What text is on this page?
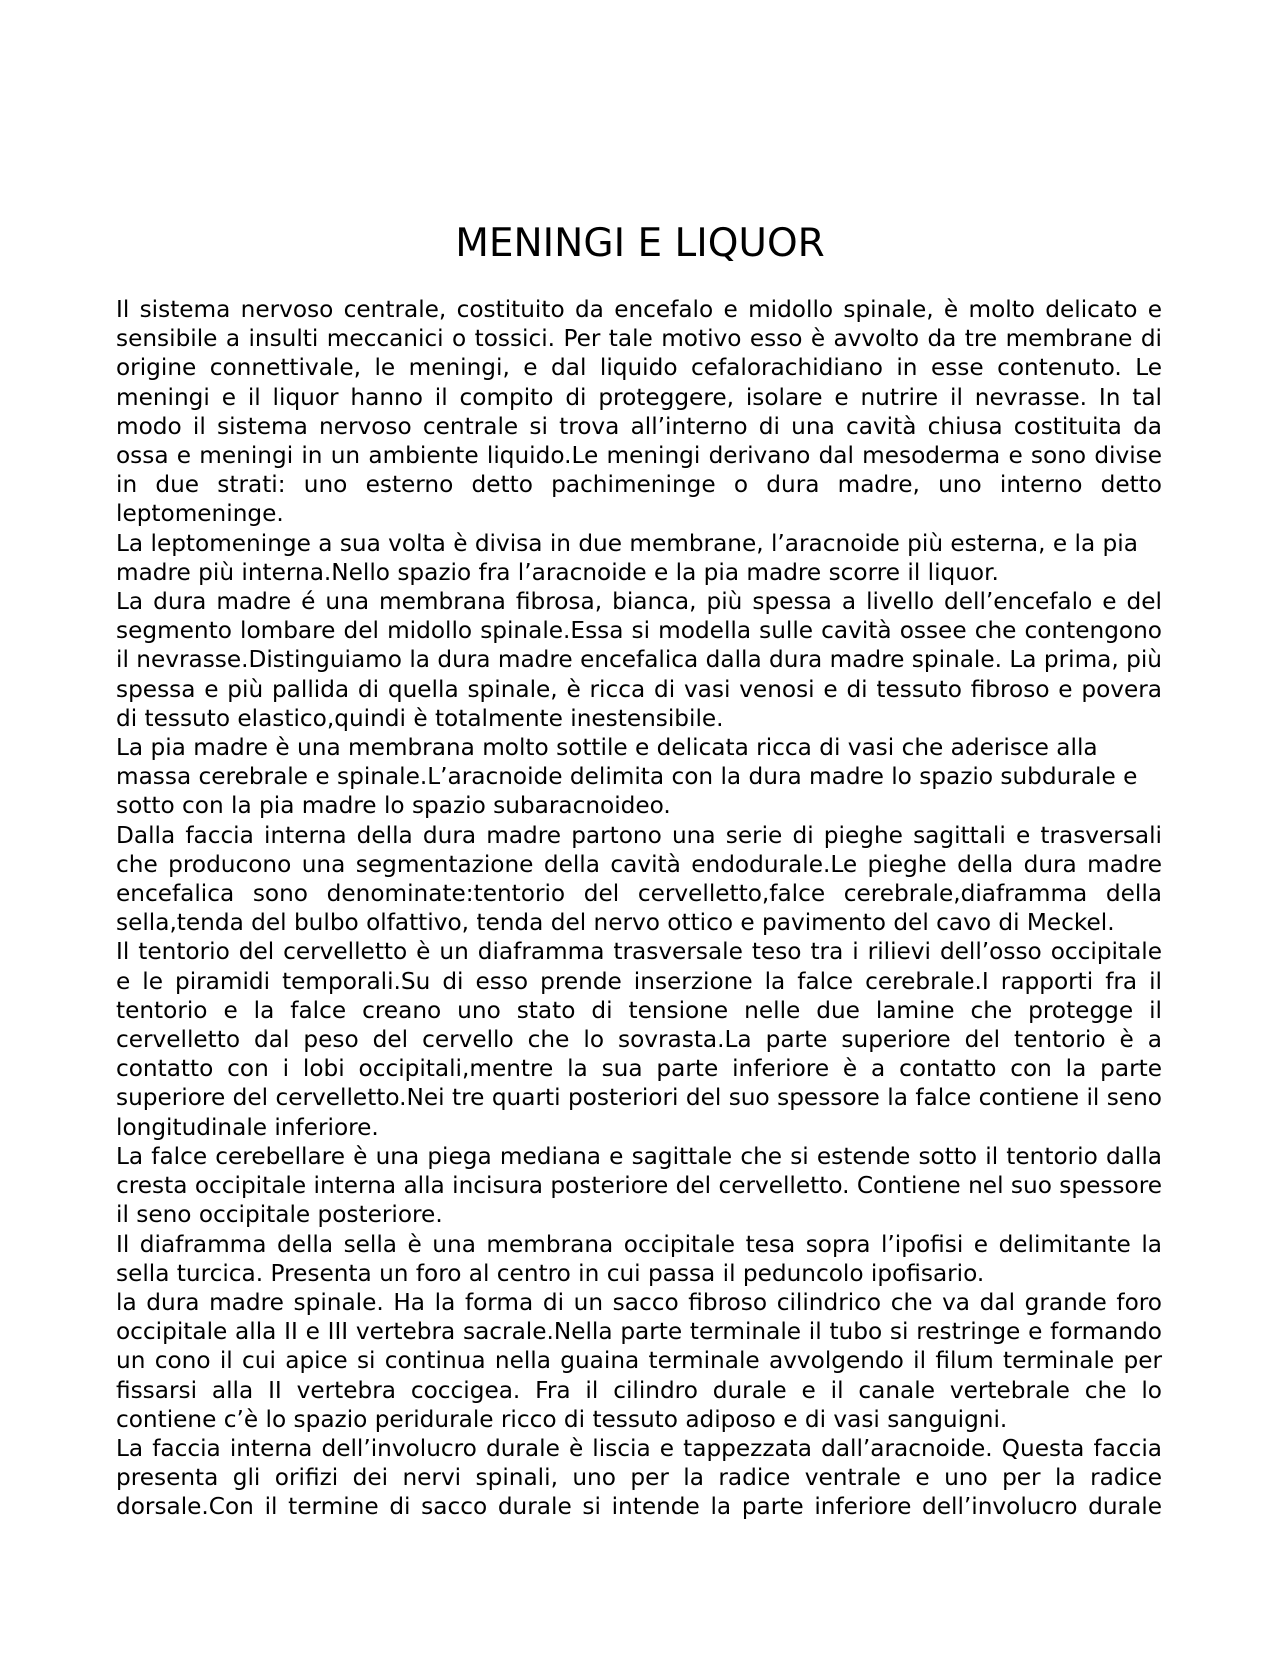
MENINGI E LIQUOR

Il sistema nervoso centrale, costituito da encefalo e midollo spinale, è molto delicato e sensibile a insulti meccanici o tossici. Per tale motivo esso è avvolto da tre membrane di origine connettivale, le meningi, e dal liquido cefalorachidiano in esse contenuto. Le meningi e il liquor hanno il compito di proteggere, isolare e nutrire il nevrasse. In tal modo il sistema nervoso centrale si trova all’interno di una cavità chiusa costituita da ossa e meningi in un ambiente liquido.Le meningi derivano dal mesoderma e sono divise in due strati: uno esterno detto pachimeninge o dura madre, uno interno detto leptomeninge.

La leptomeninge a sua volta è divisa in due membrane, l’aracnoide più esterna, e la pia madre più interna.Nello spazio fra l’aracnoide e la pia madre scorre il liquor.

La dura madre é una membrana fibrosa, bianca, più spessa a livello dell’encefalo e del segmento lombare del midollo spinale.Essa si modella sulle cavità ossee che contengono il nevrasse.Distinguiamo la dura madre encefalica dalla dura madre spinale. La prima, più spessa e più pallida di quella spinale, è ricca di vasi venosi e di tessuto fibroso e povera di tessuto elastico,quindi è totalmente inestensibile.

La pia madre è una membrana molto sottile e delicata ricca di vasi che aderisce alla massa cerebrale e spinale.L’aracnoide delimita con la dura madre lo spazio subdurale e sotto con la pia madre lo spazio subaracnoideo.

Dalla faccia interna della dura madre partono una serie di pieghe sagittali e trasversali che producono una segmentazione della cavità endodurale.Le pieghe della dura madre encefalica sono denominate:tentorio del cervelletto,falce cerebrale,diaframma della sella,tenda del bulbo olfattivo, tenda del nervo ottico e pavimento del cavo di Meckel.

Il tentorio del cervelletto è un diaframma trasversale teso tra i rilievi dell’osso occipitale e le piramidi temporali.Su di esso prende inserzione la falce cerebrale.I rapporti fra il tentorio e la falce creano uno stato di tensione nelle due lamine che protegge il cervelletto dal peso del cervello che lo sovrasta.La parte superiore del tentorio è a contatto con i lobi occipitali,mentre la sua parte inferiore è a contatto con la parte superiore del cervelletto.Nei tre quarti posteriori del suo spessore la falce contiene il seno longitudinale inferiore.

La falce cerebellare è una piega mediana e sagittale che si estende sotto il tentorio dalla cresta occipitale interna alla incisura posteriore del cervelletto. Contiene nel suo spessore il seno occipitale posteriore.

Il diaframma della sella è una membrana occipitale tesa sopra l’ipofisi e delimitante la sella turcica. Presenta un foro al centro in cui passa il peduncolo ipofisario.

la dura madre spinale. Ha la forma di un sacco fibroso cilindrico che va dal grande foro occipitale alla II e III vertebra sacrale.Nella parte terminale il tubo si restringe e formando un cono il cui apice si continua nella guaina terminale avvolgendo il filum terminale per fissarsi alla II vertebra coccigea. Fra il cilindro durale e il canale vertebrale che lo contiene c’è lo spazio peridurale ricco di tessuto adiposo e di vasi sanguigni.

La faccia interna dell’involucro durale è liscia e tappezzata dall’aracnoide. Questa faccia presenta gli orifizi dei nervi spinali, uno per la radice ventrale e uno per la radice dorsale.Con il termine di sacco durale si intende la parte inferiore dell’involucro durale
